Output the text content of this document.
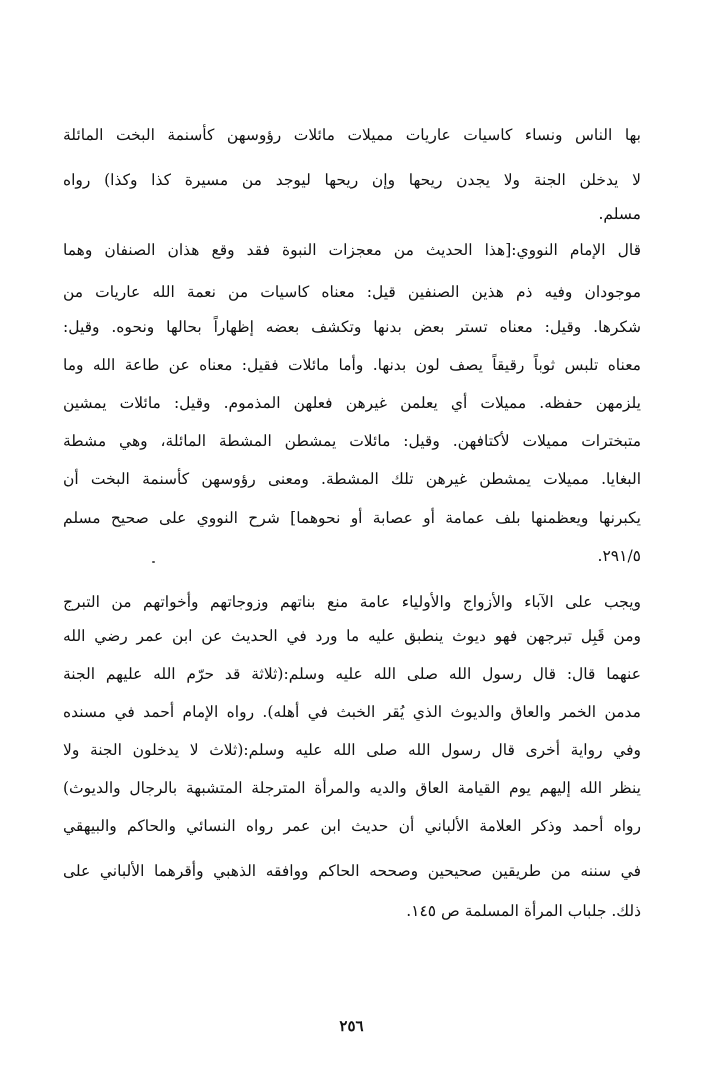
بها الناس ونساء كاسيات عاريات مميلات مائلات رؤوسهن كأسنمة البخت المائلة
لا يدخلن الجنة ولا يجدن ريحها وإن ريحها ليوجد من مسيرة كذا وكذا) رواه
مسلم.
قال الإمام النووي:[هذا الحديث من معجزات النبوة فقد وقع هذان الصنفان وهما
موجودان وفيه ذم هذين الصنفين قيل: معناه كاسيات من نعمة الله عاريات من
شكرها. وقيل: معناه تستر بعض بدنها وتكشف بعضه إظهاراً بحالها ونحوه. وقيل:
معناه تلبس ثوباً رقيقاً يصف لون بدنها. وأما مائلات فقيل: معناه عن طاعة الله وما
يلزمهن حفظه. مميلات أي يعلمن غيرهن فعلهن المذموم. وقيل: مائلات يمشين
متبخترات مميلات لأكتافهن. وقيل: مائلات يمشطن المشطة المائلة، وهي مشطة
البغايا. مميلات يمشطن غيرهن تلك المشطة. ومعنى رؤوسهن كأسنمة البخت أن
يكبرنها ويعظمنها بلف عمامة أو عصابة أو نحوهما] شرح النووي على صحيح مسلم
٢٩١/٥.
ويجب على الآباء والأزواج والأولياء عامة منع بناتهم وزوجاتهم وأخواتهم من التبرج
ومن قَبِل تبرجهن فهو ديوث ينطبق عليه ما ورد في الحديث عن ابن عمر رضي الله
عنهما قال: قال رسول الله صلى الله عليه وسلم:(ثلاثة قد حرّم الله عليهم الجنة
مدمن الخمر والعاق والديوث الذي يُقر الخبث في أهله). رواه الإمام أحمد في مسنده
وفي رواية أخرى قال رسول الله صلى الله عليه وسلم:(ثلاث لا يدخلون الجنة ولا
ينظر الله إليهم يوم القيامة العاق والديه والمرأة المترجلة المتشبهة بالرجال والديوث)
رواه أحمد وذكر العلامة الألباني أن حديث ابن عمر رواه النسائي والحاكم والبيهقي
في سننه من طريقين صحيحين وصححه الحاكم ووافقه الذهبي وأقرهما الألباني على
ذلك. جلباب المرأة المسلمة ص ١٤٥.
٢٥٦
